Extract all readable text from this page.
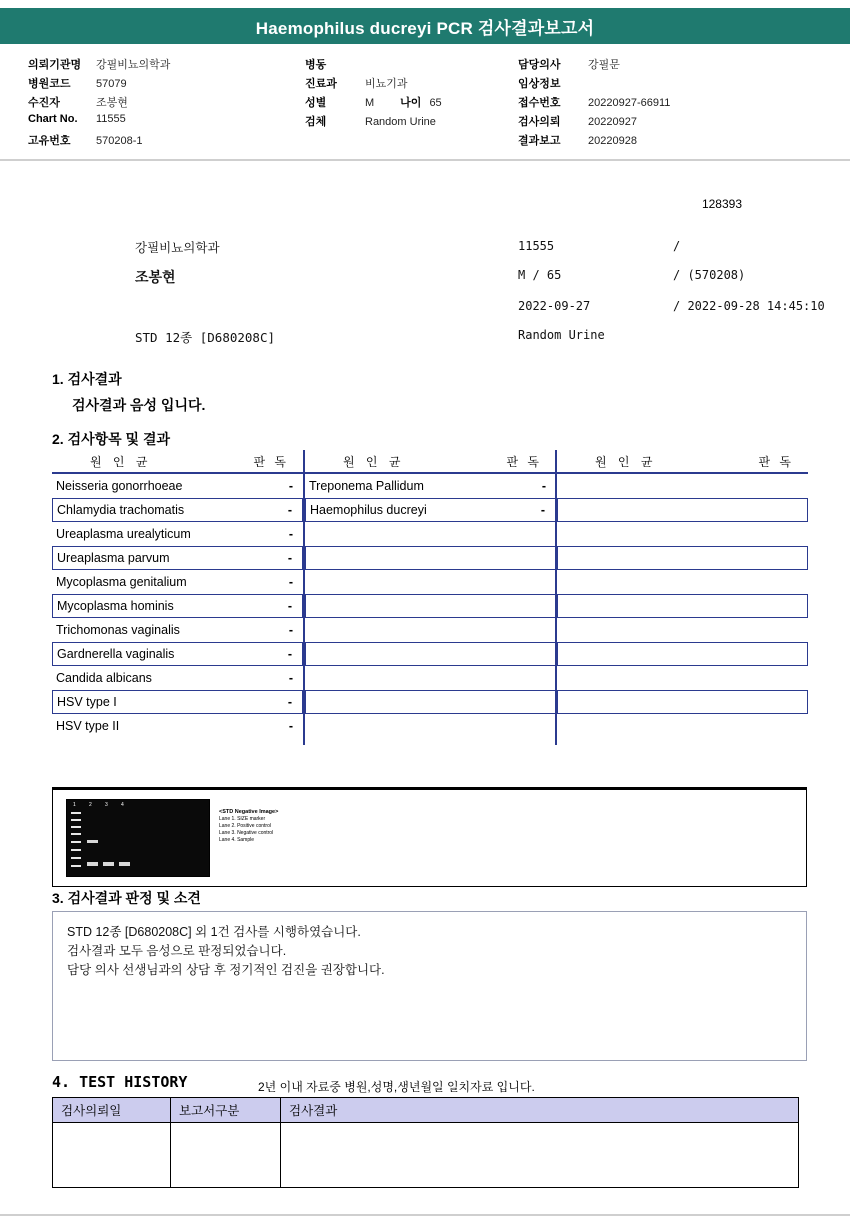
Haemophilus ducreyi PCR 검사결과보고서
의뢰기관명	강필비뇨의학과
병원코드	57079
수진자	조봉현
Chart No.	11555
고유번호	570208-1
병동
진료과	비뇨기과
성별	M 나이 65
검체	Random Urine
담당의사	강필문
임상정보
접수번호	20220927-66911
검사의뢰	20220927
결과보고	20220928
128393
강필비뇨의학과
조봉현
STD 12종 [D680208C]
11555	/
M / 65	/ (570208)
2022-09-27	/ 2022-09-28 14:45:10
Random Urine
1. 검사결과
검사결과 음성 입니다.
2. 검사항목 및 결과
원 인 균	판 독
Neisseria gonorrhoeae	-
Chlamydia trachomatis	-
Ureaplasma urealyticum	-
Ureaplasma parvum	-
Mycoplasma genitalium	-
Mycoplasma hominis	-
Trichomonas vaginalis	-
Gardnerella vaginalis	-
Candida albicans	-
HSV type I	-
HSV type II	-
원 인 균	판 독
Treponema Pallidum	-
Haemophilus ducreyi	-
원 인 균	판 독
1	2	3	4
<STD Negative Image>
Lane 1. SIZE marker
Lane 2. Positive control
Lane 3. Negative control
Lane 4. Sample
3. 검사결과 판정 및 소견
STD 12종 [D680208C] 외 1건 검사를 시행하였습니다.
검사결과 모두 음성으로 판정되었습니다.
담당 의사 선생님과의 상담 후 정기적인 검진을 권장합니다.
4. TEST HISTORY	2년 이내 자료중 병원,성명,생년월일 일치자료 입니다.
검사의뢰일	보고서구분	검사결과
